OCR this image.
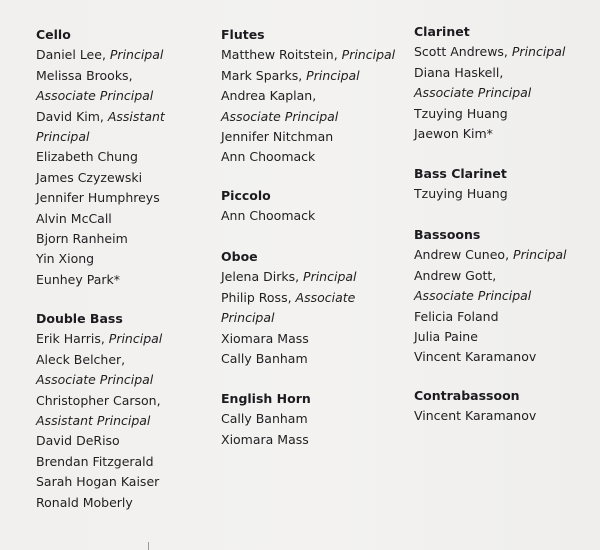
Cello
Daniel Lee, Principal
Melissa Brooks,
Associate Principal
David Kim, Assistant
Principal
Elizabeth Chung
James Czyzewski
Jennifer Humphreys
Alvin McCall
Bjorn Ranheim
Yin Xiong
Eunhey Park*
Double Bass
Erik Harris, Principal
Aleck Belcher,
Associate Principal
Christopher Carson,
Assistant Principal
David DeRiso
Brendan Fitzgerald
Sarah Hogan Kaiser
Ronald Moberly
Flutes
Matthew Roitstein, Principal
Mark Sparks, Principal
Andrea Kaplan,
Associate Principal
Jennifer Nitchman
Ann Choomack
Piccolo
Ann Choomack
Oboe
Jelena Dirks, Principal
Philip Ross, Associate
Principal
Xiomara Mass
Cally Banham
English Horn
Cally Banham
Xiomara Mass
Clarinet
Scott Andrews, Principal
Diana Haskell,
Associate Principal
Tzuying Huang
Jaewon Kim*
Bass Clarinet
Tzuying Huang
Bassoons
Andrew Cuneo, Principal
Andrew Gott,
Associate Principal
Felicia Foland
Julia Paine
Vincent Karamanov
Contrabassoon
Vincent Karamanov
